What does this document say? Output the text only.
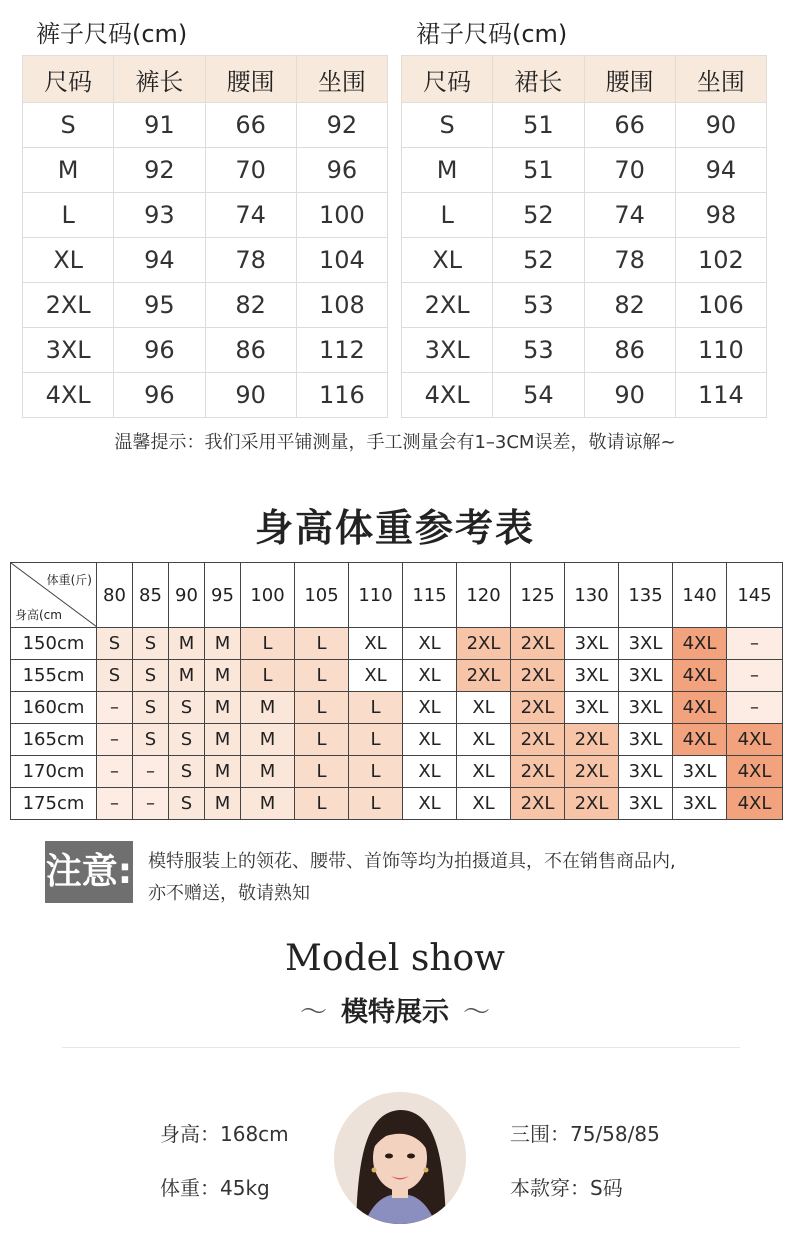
裤子尺码(cm)
尺码	裤长	腰围	坐围
S	91	66	92
M	92	70	96
L	93	74	100
XL	94	78	104
2XL	95	82	108
3XL	96	86	112
4XL	96	90	116
裙子尺码(cm)
尺码	裙长	腰围	坐围
S	51	66	90
M	51	70	94
L	52	74	98
XL	52	78	102
2XL	53	82	106
3XL	53	86	110
4XL	54	90	114
温馨提示：我们采用平铺测量，手工测量会有1–3CM误差，敬请谅解~
身高体重参考表
体重(斤)
身高(cm	80	85	90	95	100	105	110	115	120	125	130	135	140	145
150cm	S	S	M	M	L	L	XL	XL	2XL	2XL	3XL	3XL	4XL	–
155cm	S	S	M	M	L	L	XL	XL	2XL	2XL	3XL	3XL	4XL	–
160cm	–	S	S	M	M	L	L	XL	XL	2XL	3XL	3XL	4XL	–
165cm	–	S	S	M	M	L	L	XL	XL	2XL	2XL	3XL	4XL	4XL
170cm	–	–	S	M	M	L	L	XL	XL	2XL	2XL	3XL	3XL	4XL
175cm	–	–	S	M	M	L	L	XL	XL	2XL	2XL	3XL	3XL	4XL
注意: 模特服装上的领花、腰带、首饰等均为拍摄道具，不在销售商品内,
亦不赠送，敬请熟知
Model show
〜 模特展示 〜
身高：168cm
体重：45kg
三围：75/58/85
本款穿：S码
